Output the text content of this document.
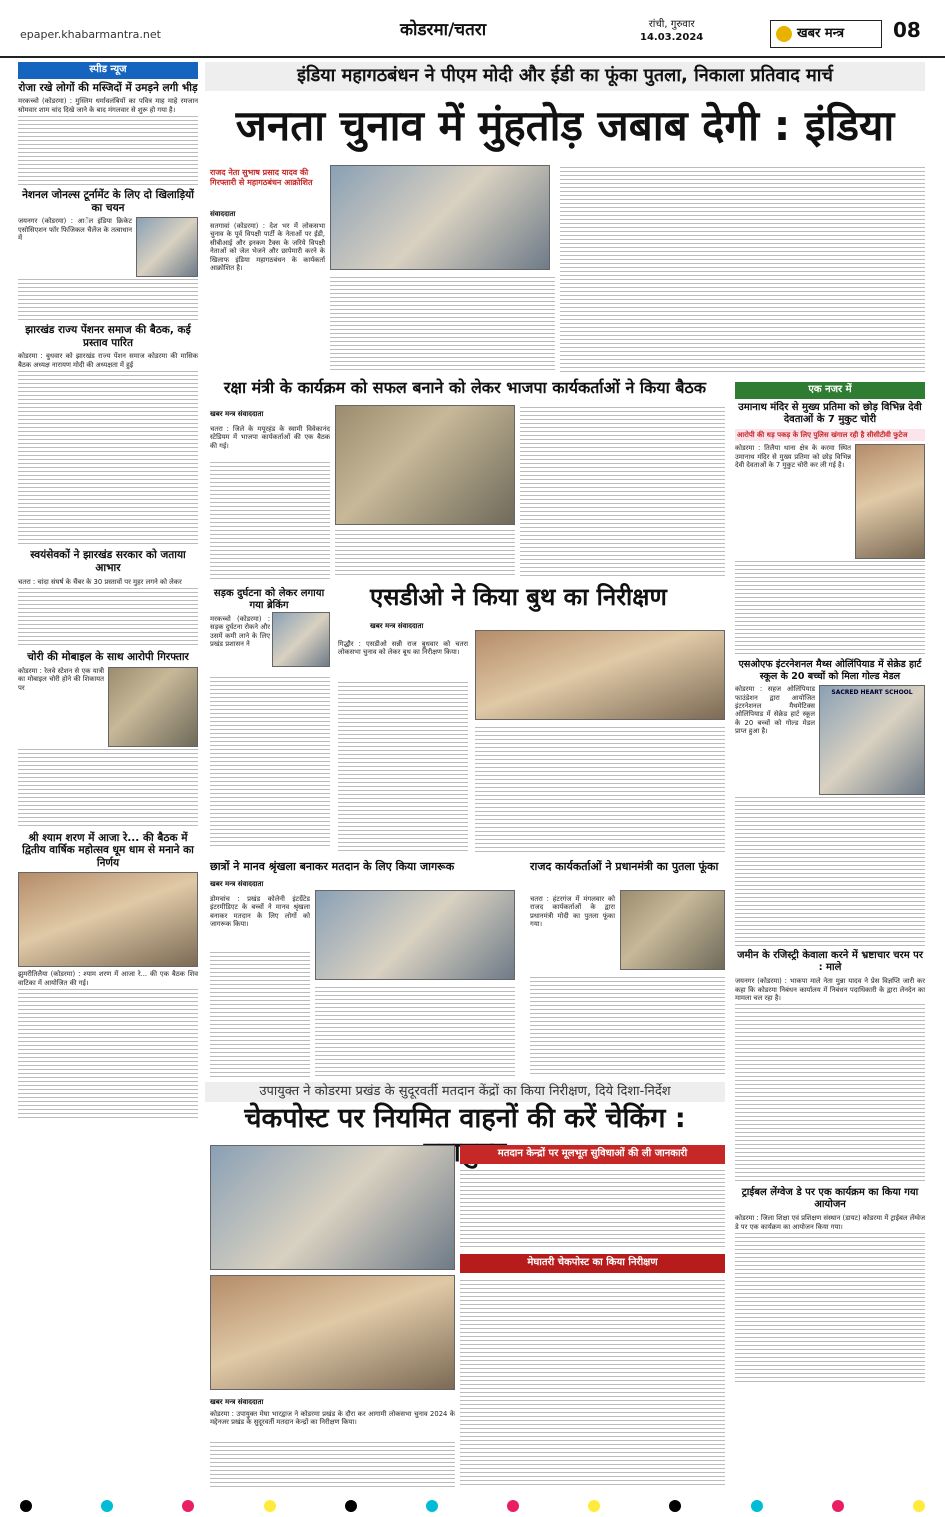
epaper.khabarmantra.net	कोडरमा/चतरा	रांची, गुरुवार
14.03.2024	खबर मन्त्र	08
स्पीड न्यूज
रोजा रखे लोगों की मस्जिदों में उमड़ने लगी भीड़
मरकच्चो (कोडरमा) : मुस्लिम धर्मावलंबियों का पवित्र माह माहे रमजान सोमवार शाम चांद दिखे जाने के बाद मंगलवार से शुरू हो गया है।
नेशनल जोनल्स टूर्नामेंट के लिए दो खिलाड़ियों का चयन
जयनगर (कोडरमा) : आॅल इंडिया क्रिकेट एसोसिएशन फॉर फिजिकल चैलेंज के तत्वाधान में
झारखंड राज्य पेंशनर समाज की बैठक, कई प्रस्ताव पारित
कोडरमा : बुधवार को झारखंड राज्य पेंशन समाज कोडरमा की मासिक बैठक अध्यक्ष नारायण मोदी की अध्यक्षता में हुई
स्वयंसेवकों ने झारखंड सरकार को जताया आभार
चतरा : चांदा संघर्ष के चैंबर के 30 प्रस्तावों पर मुहर लगने को लेकर
चोरी की मोबाइल के साथ आरोपी गिरफ्तार
कोडरमा : रेलवे स्टेशन से एक यात्री का मोबाइल चोरी होने की शिकायत पर
श्री श्याम शरण में आजा रे... की बैठक में द्वितीय वार्षिक महोत्सव धूम धाम से मनाने का निर्णय
झुमरीतिलैया (कोडरमा) : श्याम शरण में आजा रे... की एक बैठक शिव वाटिका में आयोजित की गई।
इंडिया महागठबंधन ने पीएम मोदी और ईडी का फूंका पुतला, निकाला प्रतिवाद मार्च
जनता चुनाव में मुंहतोड़ जबाब देगी : इंडिया
राजद नेता सुभाष प्रसाद यादव की गिरफ्तारी से महागठबंधन आक्रोशित
संवाददाता
सतगावां (कोडरमा) : देश भर में लोकसभा चुनाव के पूर्व विपक्षी पार्टी के नेताओं पर ईडी, सीबीआई और इनकम टैक्स के जरिये विपक्षी नेताओं को जेल भेजने और छापेमारी करने के खिलाफ इंडिया महागठबंधन के कार्यकर्ता आक्रोशित है।
रक्षा मंत्री के कार्यक्रम को सफल बनाने को लेकर भाजपा कार्यकर्ताओं ने किया बैठक
खबर मन्त्र संवाददाता
चतरा : जिले के मयूरहंड के स्वामी विवेकानंद स्टेडियम में भाजपा कार्यकर्ताओं की एक बैठक की गई।
सड़क दुर्घटना को लेकर लगाया गया ब्रेकिंग
मरकच्चो (कोडरमा) : सड़क दुर्घटना रोकने और उसमें कमी लाने के लिए प्रखंड प्रशासन ने
एसडीओ ने किया बुथ का निरीक्षण
खबर मन्त्र संवाददाता
गिद्धौर : एसडीओ सन्नी राज बुधवार को चतरा लोकसभा चुनाव को लेकर बूथ का निरीक्षण किया।
छात्रों ने मानव श्रृंखला बनाकर मतदान के लिए किया जागरूक
खबर मन्त्र संवाददाता
डोमचांच : प्रखंड कोलेनी इंटर्ग्रेटेड इंटरमीडिएट के बच्चों ने मानव श्रृंखला बनाकर मतदान के लिए लोगों को जागरूक किया।
राजद कार्यकर्ताओं ने प्रधानमंत्री का पुतला फूंका
चतरा : हंटरगंज में मंगलवार को राजद कार्यकर्ताओं के द्वारा प्रधानमंत्री मोदी का पुतला फूंका गया।
उपायुक्त ने कोडरमा प्रखंड के सुदूरवर्ती मतदान केंद्रों का किया निरीक्षण, दिये दिशा-निर्देश
चेकपोस्ट पर नियमित वाहनों की करें चेकिंग :
खबर मन्त्र संवाददाता
कोडरमा : उपायुक्त मेघा भारद्वाज ने कोडरमा प्रखंड के दौरा कर आगामी लोकसभा चुनाव 2024 के मद्देनजर प्रखंड के सुदूरवर्ती मतदान केन्द्रों का निरीक्षण किया।
मतदान केन्द्रों पर मूलभूत सुविधाओं की ली जानकारी
मेघातरी चेकपोस्ट का किया निरीक्षण
एक नजर में
उमानाथ मंदिर से मुख्य प्रतिमा को छोड़ विभिन्न देवी देवताओं के 7 मुकुट चोरी
आरोपी की धड़ पकड़ के लिए पुलिस खंगाल रही है सीसीटीवी फुटेज
कोडरमा : तिलैया थाना क्षेत्र के करमा स्थित उमानाथ मंदिर से मुख्य प्रतिमा को छोड़ विभिन्न देवी देवताओं के 7 मुकुट चोरी कर ली गई है।
एसओएफ इंटरनेशनल मैथ्स ओलिंपियाड में सेक्रेड हार्ट स्कूल के 20 बच्चों को मिला गोल्ड मेडल
कोडरमा : सहज ओलिंपियाड फाउंडेशन द्वारा आयोजित इंटरनेशनल मैथमेटिक्स ओलिंपियाड में सेक्रेड हार्ट स्कूल के 20 बच्चों को गोल्ड मेडल प्राप्त हुआ है।
SACRED HEART SCHOOL
जमीन के रजिस्ट्री केवाला करने में भ्रष्टाचार चरम पर : माले
जयनगर (कोडरमा) : भाकपा माले नेता मुन्ना यादव ने प्रेस विज्ञप्ति जारी कर कहा कि कोडरमा निबंधन कार्यालय में निबंधन पदाधिकारी के द्वारा लेनदेन का मामला चल रहा है।
ट्राईबल लेंग्वेज डे पर एक कार्यक्रम का किया गया आयोजन
कोडरमा : जिला शिक्षा एवं प्रशिक्षण संस्थान (डायट) कोडरमा में ट्राईबल लेंग्वेज डे पर एक कार्यक्रम का आयोजन किया गया।
